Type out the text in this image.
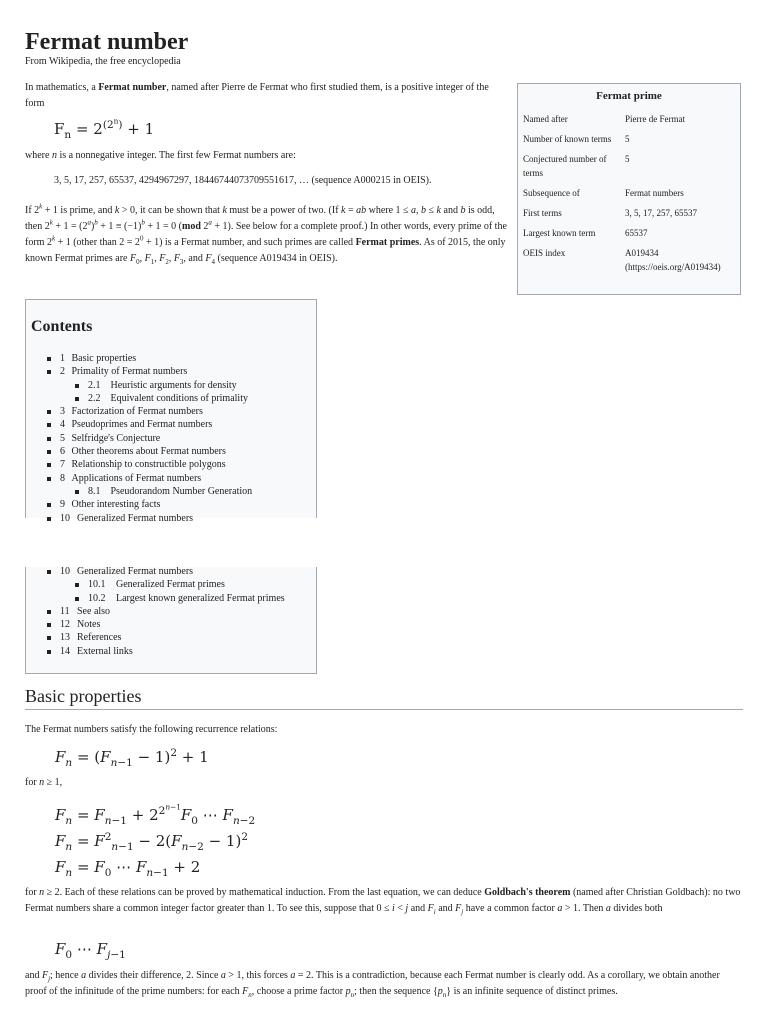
Fermat number
From Wikipedia, the free encyclopedia

In mathematics, a Fermat number, named after Pierre de Fermat who first studied them, is a positive integer of the form

$F_n = 2^{(2^n)} + 1$

where n is a nonnegative integer. The first few Fermat numbers are:

3, 5, 17, 257, 65537, 4294967297, 18446744073709551617, … (sequence A000215 in OEIS).

If $2^k + 1$ is prime, and k > 0, it can be shown that k must be a power of two. (If k = ab where 1 ≤ a, b ≤ k and b is odd, then $2^k + 1 = (2^a)^b + 1 \equiv (-1)^b + 1 = 0$ (mod $2^a + 1$). See below for a complete proof.) In other words, every prime of the form $2^k + 1$ (other than $2 = 2^0 + 1$) is a Fermat number, and such primes are called Fermat primes. As of 2015, the only known Fermat primes are $F_0$, $F_1$, $F_2$, $F_3$, and $F_4$ (sequence A019434 in OEIS).

Fermat prime
Named after	Pierre de Fermat
Number of known terms	5
Conjectured number of terms	5
Subsequence of	Fermat numbers
First terms	3, 5, 17, 257, 65537
Largest known term	65537
OEIS index	A019434 (https://oeis.org/A019434)
Contents
1 Basic properties
2 Primality of Fermat numbers
2.1 Heuristic arguments for density
2.2 Equivalent conditions of primality
3 Factorization of Fermat numbers
4 Pseudoprimes and Fermat numbers
5 Selfridge's Conjecture
6 Other theorems about Fermat numbers
7 Relationship to constructible polygons
8 Applications of Fermat numbers
8.1 Pseudorandom Number Generation
9 Other interesting facts
10 Generalized Fermat numbers
10 Generalized Fermat numbers
10.1 Generalized Fermat primes
10.2 Largest known generalized Fermat primes
11 See also
12 Notes
13 References
14 External links
Basic properties

The Fermat numbers satisfy the following recurrence relations:

$F_n = (F_{n-1} - 1)^2 + 1$

for n ≥ 1,

$F_n = F_{n-1} + 2^{2^{n-1}}F_0$ ⋯ $F_{n-2}$
$F_n = F^2_{n-1} - 2(F_{n-2} - 1)^2$
$F_n = F_0$ ⋯ $F_{n-1} + 2$

for n ≥ 2. Each of these relations can be proved by mathematical induction. From the last equation, we can deduce Goldbach's theorem (named after Christian Goldbach): no two Fermat numbers share a common integer factor greater than 1. To see this, suppose that 0 ≤ i < j and $F_i$ and $F_j$ have a common factor a > 1. Then a divides both

$F_0$ ⋯ $F_{j-1}$

and $F_j$; hence a divides their difference, 2. Since a > 1, this forces a = 2. This is a contradiction, because each Fermat number is clearly odd. As a corollary, we obtain another proof of the infinitude of the prime numbers: for each $F_n$, choose a prime factor $p_n$; then the sequence $\{p_n\}$ is an infinite sequence of distinct primes.
